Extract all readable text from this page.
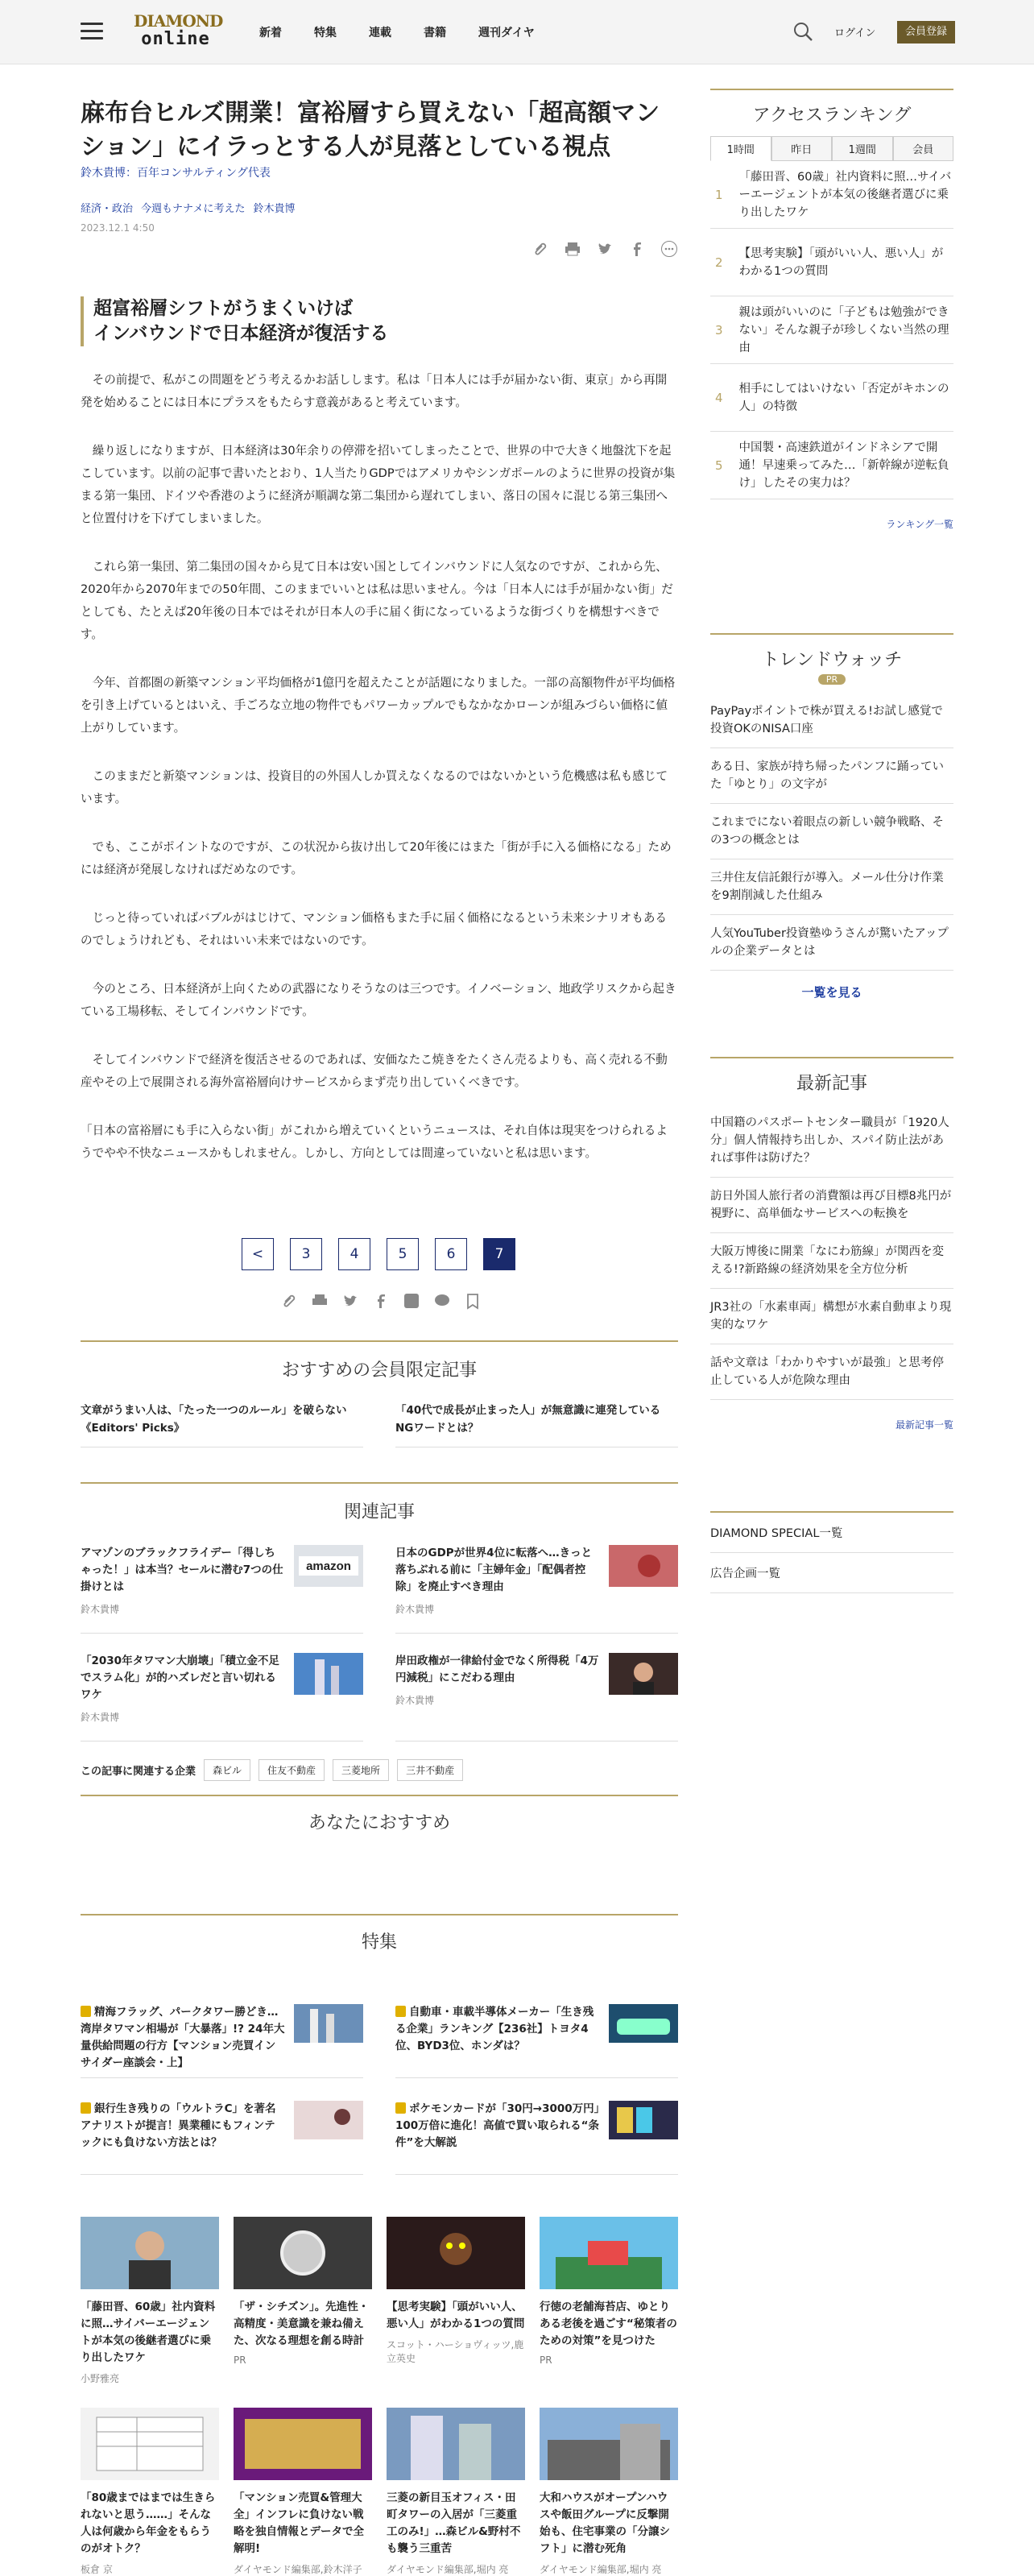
DIAMOND
online	新着	特集	連載	書籍	週刊ダイヤ	ログイン	会員登録
麻布台ヒルズ開業！富裕層すら買えない「超高額マンション」にイラっとする人が見落としている視点
鈴木貴博：百年コンサルティング代表
経済・政治 今週もナナメに考えた 鈴木貴博
2023.12.1 4:50
超富裕層シフトがうまくいけば
インバウンドで日本経済が復活する

その前提で、私がこの問題をどう考えるかお話しします。私は「日本人には手が届かない街、東京」から再開発を始めることには日本にプラスをもたらす意義があると考えています。

繰り返しになりますが、日本経済は30年余りの停滞を招いてしまったことで、世界の中で大きく地盤沈下を起こしています。以前の記事で書いたとおり、1人当たりGDPではアメリカやシンガポールのように世界の投資が集まる第一集団、ドイツや香港のように経済が順調な第二集団から遅れてしまい、落日の国々に混じる第三集団へと位置付けを下げてしまいました。

これら第一集団、第二集団の国々から見て日本は安い国としてインバウンドに人気なのですが、これから先、2020年から2070年までの50年間、このままでいいとは私は思いません。今は「日本人には手が届かない街」だとしても、たとえば20年後の日本ではそれが日本人の手に届く街になっているような街づくりを構想すべきです。

今年、首都圏の新築マンション平均価格が1億円を超えたことが話題になりました。一部の高額物件が平均価格を引き上げているとはいえ、手ごろな立地の物件でもパワーカップルでもなかなかローンが組みづらい価格に値上がりしています。

このままだと新築マンションは、投資目的の外国人しか買えなくなるのではないかという危機感は私も感じています。

でも、ここがポイントなのですが、この状況から抜け出して20年後にはまた「街が手に入る価格になる」ためには経済が発展しなければだめなのです。

じっと待っていればバブルがはじけて、マンション価格もまた手に届く価格になるという未来シナリオもあるのでしょうけれども、それはいい未来ではないのです。

今のところ、日本経済が上向くための武器になりそうなのは三つです。イノベーション、地政学リスクから起きている工場移転、そしてインバウンドです。

そしてインバウンドで経済を復活させるのであれば、安価なたこ焼きをたくさん売るよりも、高く売れる不動産やその上で展開される海外富裕層向けサービスからまず売り出していくべきです。

「日本の富裕層にも手に入らない街」がこれから増えていくというニュースは、それ自体は現実をつけられるようでやや不快なニュースかもしれません。しかし、方向としては間違っていないと私は思います。

<	3	4	5	6	7
おすすめの会員限定記事
文章がうまい人は、「たった一つのルール」を破らない《Editors' Picks》
「40代で成長が止まった人」が無意識に連発しているNGワードとは？
関連記事
アマゾンのブラックフライデー「得しちゃった！」は本当？セールに潜む7つの仕掛けとは
鈴木貴博
amazon
日本のGDPが世界4位に転落へ…きっと落ちぶれる前に「主婦年金」「配偶者控除」を廃止すべき理由
鈴木貴博
「2030年タワマン大崩壊」「積立金不足でスラム化」が的ハズレだと言い切れるワケ
鈴木貴博
岸田政権が一律給付金でなく所得税「4万円減税」にこだわる理由
鈴木貴博
この記事に関連する企業	森ビル	住友不動産	三菱地所	三井不動産
あなたにおすすめ
特集
精海フラッグ、パークタワー勝どき…湾岸タワマン相場が「大暴落」!? 24年大量供給問題の行方【マンション売買インサイダー座談会・上】
自動車・車載半導体メーカー「生き残る企業」ランキング【236社】トヨタ4位、BYD3位、ホンダは？
銀行生き残りの「ウルトラC」を著名アナリストが提言！異業種にもフィンテックにも負けない方法とは？
ポケモンカードが「30円→3000万円」100万倍に進化！高値で買い取られる“条件”を大解説
「藤田晋、60歳」社内資料に照…サイバーエージェントが本気の後継者選びに乗り出したワケ
小野雅亮
「ザ・シチズン」。先進性・高精度・美意識を兼ね備えた、次なる理想を創る時計
PR
【思考実験】「頭がいい人、悪い人」がわかる1つの質問
スコット・ハーショヴィッツ,鹿立英史
行徳の老舗海苔店、ゆとりある老後を過ごす“秘策者のための対策”を見つけた
PR
「80歳まではまでは生きられないと思う……」そんな人は何歳から年金をもらうのがオトク？
板倉 京
「マンション売買&管理大全」インフレに負けない戦略を独自情報とデータで全解明!
ダイヤモンド編集部,鈴木洋子
三菱の新目玉オフィス・田町タワーの入居が「三菱重工のみ!」…森ビル&野村不も襲う三重苦
ダイヤモンド編集部,堀内 亮
大和ハウスがオープンハウスや飯田グループに反撃開始も、住宅事業の「分譲シフト」に潜む死角
ダイヤモンド編集部,堀内 亮
アクセスランキング
1時間	昨日	1週間	会員
1
「藤田晋、60歳」社内資料に照…サイバーエージェントが本気の後継者選びに乗り出したワケ
2
【思考実験】「頭がいい人、悪い人」がわかる1つの質問
3
親は頭がいいのに「子どもは勉強ができない」そんな親子が珍しくない当然の理由
4
相手にしてはいけない「否定がキホンの人」の特徴
5
中国製・高速鉄道がインドネシアで開通！早速乗ってみた…「新幹線が逆転負け」したその実力は？
ランキング一覧
トレンドウォッチ
PR
PayPayポイントで株が買える!お試し感覚で投資OKのNISA口座
ある日、家族が持ち帰ったパンフに踊っていた「ゆとり」の文字が
これまでにない着眼点の新しい競争戦略、その3つの概念とは
三井住友信託銀行が導入。メール仕分け作業を9割削減した仕組み
人気YouTuber投資塾ゆうさんが驚いたアップルの企業データとは
一覧を見る
最新記事
中国籍のパスポートセンター職員が「1920人分」個人情報持ち出しか、スパイ防止法があれば事件は防げた？
訪日外国人旅行者の消費額は再び目標8兆円が視野に、高単価なサービスへの転換を
大阪万博後に開業「なにわ筋線」が関西を変える!?新路線の経済効果を全方位分析
JR3社の「水素車両」構想が水素自動車より現実的なワケ
話や文章は「わかりやすいが最強」と思考停止している人が危険な理由
最新記事一覧
DIAMOND SPECIAL一覧
広告企画一覧
